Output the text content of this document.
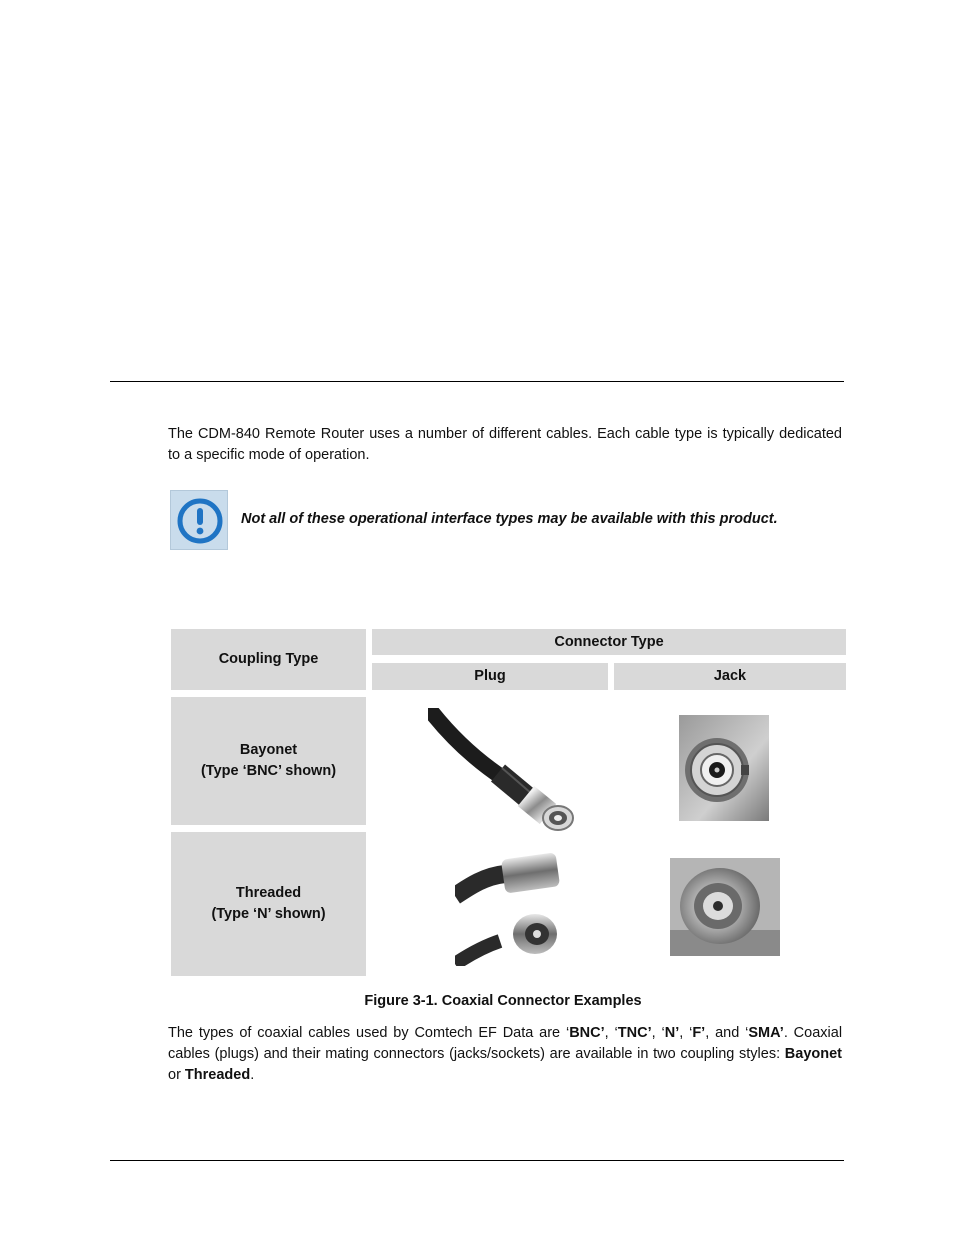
The CDM-840 Remote Router uses a number of different cables. Each cable type is typically dedicated to a specific mode of operation.

Not all of these operational interface types may be available with this product.
Coupling Type
Connector Type
Plug	Jack
Bayonet
(Type ‘BNC’ shown)
Threaded
(Type ‘N’ shown)
Figure 3-1. Coaxial Connector Examples

The types of coaxial cables used by Comtech EF Data are ‘BNC’, ‘TNC’, ‘N’, ‘F’, and ‘SMA’. Coaxial cables (plugs) and their mating connectors (jacks/sockets) are available in two coupling styles: Bayonet or Threaded.
